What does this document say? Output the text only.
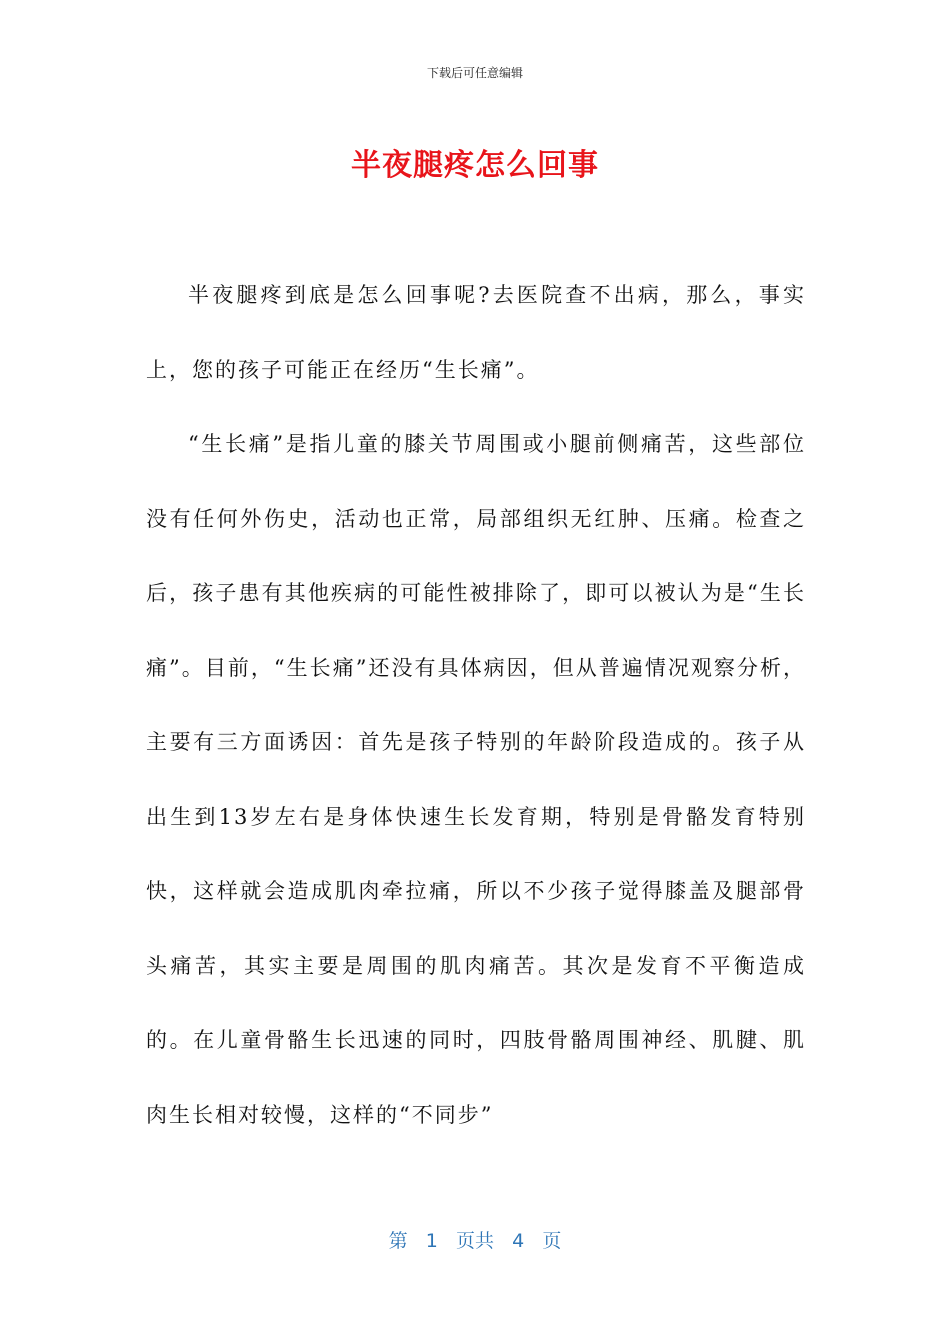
下载后可任意编辑
半夜腿疼怎么回事

半夜腿疼到底是怎么回事呢?去医院查不出病，那么，事实上，您的孩子可能正在经历“生长痛”。

“生长痛”是指儿童的膝关节周围或小腿前侧痛苦，这些部位没有任何外伤史，活动也正常，局部组织无红肿、压痛。检查之后，孩子患有其他疾病的可能性被排除了，即可以被认为是“生长痛”。目前，“生长痛”还没有具体病因，但从普遍情况观察分析，主要有三方面诱因：首先是孩子特别的年龄阶段造成的。孩子从出生到13岁左右是身体快速生长发育期，特别是骨骼发育特别快，这样就会造成肌肉牵拉痛，所以不少孩子觉得膝盖及腿部骨头痛苦，其实主要是周围的肌肉痛苦。其次是发育不平衡造成的。在儿童骨骼生长迅速的同时，四肢骨骼周围神经、肌腱、肌肉生长相对较慢，这样的“不同步”

第 1 页共 4 页
